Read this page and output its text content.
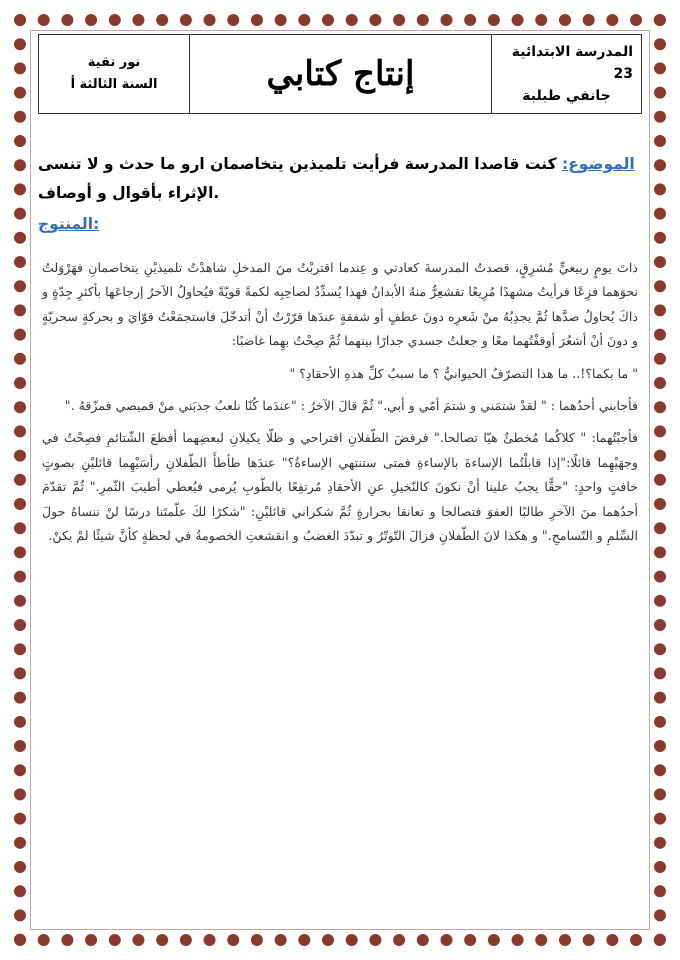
المدرسة الابتدائية 23
جانفي طبلبة
إنتاج كتابي
نور تقية
السنة الثالثة أ
الموضوع: كنت قاصدا المدرسة فرأيت تلميذين يتخاصمان ارو ما حدث و لا تنسى الإثراء بأقوال و أوصاف.
المنتوج:

ذاتَ يومٍ ربيعيٍّ مُشرِقٍ، قصدتُ المدرسةَ كعادتي و عِندما اقتربْتُ منَ المدخلِ شاهدْتُ تلميذيْنِ يتخاصمانِ فهَرْوَلتُ نحوَهما فزِعًا فرأيتُ مشهدًا مُرِيعًا تقشعِرُّ منهُ الأبدانُ فهذا يُسدِّدُ لصاحِبِه لكمةً قويّةً فيُحاولُ الآخرُ إرجاعَها بأكثرِ جِدّةٍ و ذاكَ يُحاولُ صدَّها ثُمَّ يجذِبُهُ منْ شَعرِه دونَ عطفٍ أو شفقةٍ عندَها قرّرْتُ أنْ أتدخّلَ فاستجمَعْتُ قوّايَ و بحركةٍ سحريّةٍ و دونَ أنْ أشعُرَ أوقفْتُهما معًا و جعلتُ جسدي جدارًا بينهما ثُمَّ صِحْتُ بهِما غاضبًا:

" ما بكما؟!.. ما هذا التصرّفُ الحيوانيُّ ؟ ما سببُ كلِّ هذهِ الأحقادِ؟ "

فأجابني أحدُهما : " لقدْ شتمَني و شتمَ أمّي و أبي." ثُمَّ قالَ الآخرُ : "عندَما كُنّا نلعبُ جذبَني منْ قميصي فمزّقهُ ."

فأجبْتُهما: " كلاكُما مُخطئٌ هيّا تصالحا." فرفضَ الطّفلانِ اقتراحي و ظلّا يكيلانِ لبعضِهما أفظعَ الشّتائمِ فصِحْتُ في وجهَيْهِما قائلًا:"إذا قابلْتُما الإساءةَ بالإساءةِ فمتى ستنتهي الإساءةُ؟" عندَها طأطأَ الطّفلانِ رأسَيْهِما قائليْنِ بصوتٍ خافتٍ واحدٍ: "حقًّا يجبُ علينا أنْ نكونَ كالنّخيلِ عنِ الأحقادِ مُرتفِعًا بالطّوبِ يُرمى فيُعطي أطيبَ الثّمرِ." ثُمَّ تقدّمَ أحدُهما منَ الآخرِ طالبًا العفوَ فتصالحا و تعانقا بحرارةٍ ثُمَّ شكراني قائليْنِ: "شكرًا لكَ علّمتَنا درسًا لنْ ننساهُ حولَ السِّلمِ و التّسامحِ." و هكذا لانَ الطّفلانِ فزالَ التّوتّرُ و تبدّدَ الغضبُ و انقشعتِ الخصومةُ في لحظةٍ كأنَّ شيئًا لمْ يكنْ.
